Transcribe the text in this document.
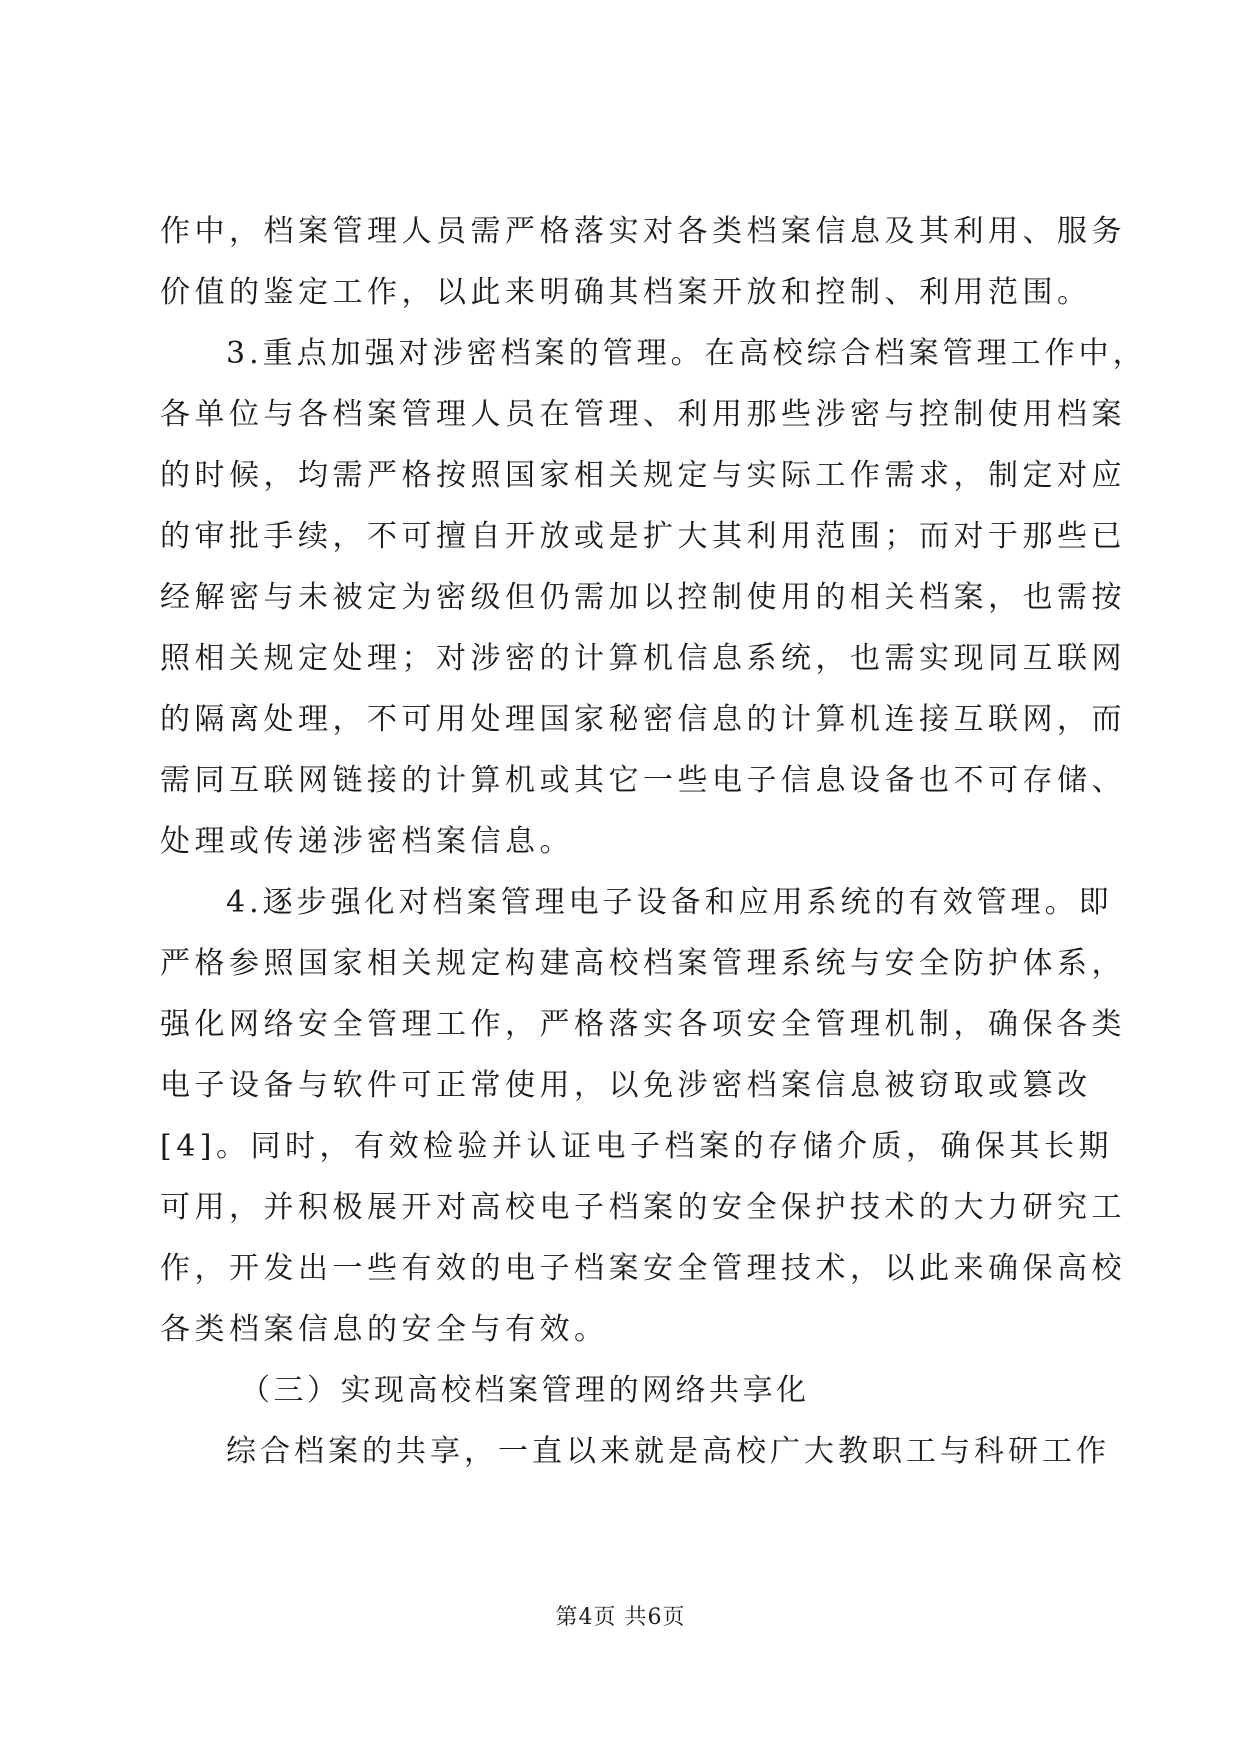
作中，档案管理人员需严格落实对各类档案信息及其利用、服务
价值的鉴定工作，以此来明确其档案开放和控制、利用范围。
3.重点加强对涉密档案的管理。在高校综合档案管理工作中，
各单位与各档案管理人员在管理、利用那些涉密与控制使用档案
的时候，均需严格按照国家相关规定与实际工作需求，制定对应
的审批手续，不可擅自开放或是扩大其利用范围；而对于那些已
经解密与未被定为密级但仍需加以控制使用的相关档案，也需按
照相关规定处理；对涉密的计算机信息系统，也需实现同互联网
的隔离处理，不可用处理国家秘密信息的计算机连接互联网，而
需同互联网链接的计算机或其它一些电子信息设备也不可存储、
处理或传递涉密档案信息。
4.逐步强化对档案管理电子设备和应用系统的有效管理。即
严格参照国家相关规定构建高校档案管理系统与安全防护体系，
强化网络安全管理工作，严格落实各项安全管理机制，确保各类
电子设备与软件可正常使用，以免涉密档案信息被窃取或篡改
[4]。同时，有效检验并认证电子档案的存储介质，确保其长期
可用，并积极展开对高校电子档案的安全保护技术的大力研究工
作，开发出一些有效的电子档案安全管理技术，以此来确保高校
各类档案信息的安全与有效。
（三）实现高校档案管理的网络共享化
综合档案的共享，一直以来就是高校广大教职工与科研工作
第4页 共6页
